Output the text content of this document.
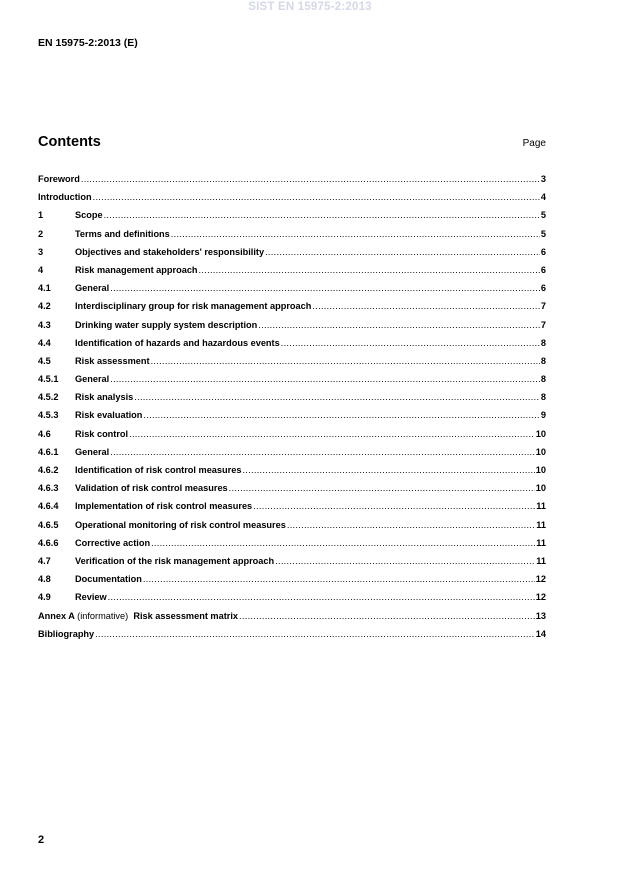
SIST EN 15975-2:2013
EN 15975-2:2013 (E)
Contents	Page
Foreword .....	3
Introduction .....	4
1	Scope .....	5
2	Terms and definitions .....	5
3	Objectives and stakeholders' responsibility .....	6
4	Risk management approach .....	6
4.1	General .....	6
4.2	Interdisciplinary group for risk management approach .....	7
4.3	Drinking water supply system description .....	7
4.4	Identification of hazards and hazardous events .....	8
4.5	Risk assessment .....	8
4.5.1	General .....	8
4.5.2	Risk analysis .....	8
4.5.3	Risk evaluation .....	9
4.6	Risk control .....	10
4.6.1	General .....	10
4.6.2	Identification of risk control measures .....	10
4.6.3	Validation of risk control measures .....	10
4.6.4	Implementation of risk control measures .....	11
4.6.5	Operational monitoring of risk control measures .....	11
4.6.6	Corrective action .....	11
4.7	Verification of the risk management approach .....	11
4.8	Documentation .....	12
4.9	Review .....	12
Annex A (informative)  Risk assessment matrix .....	13
Bibliography .....	14
2
